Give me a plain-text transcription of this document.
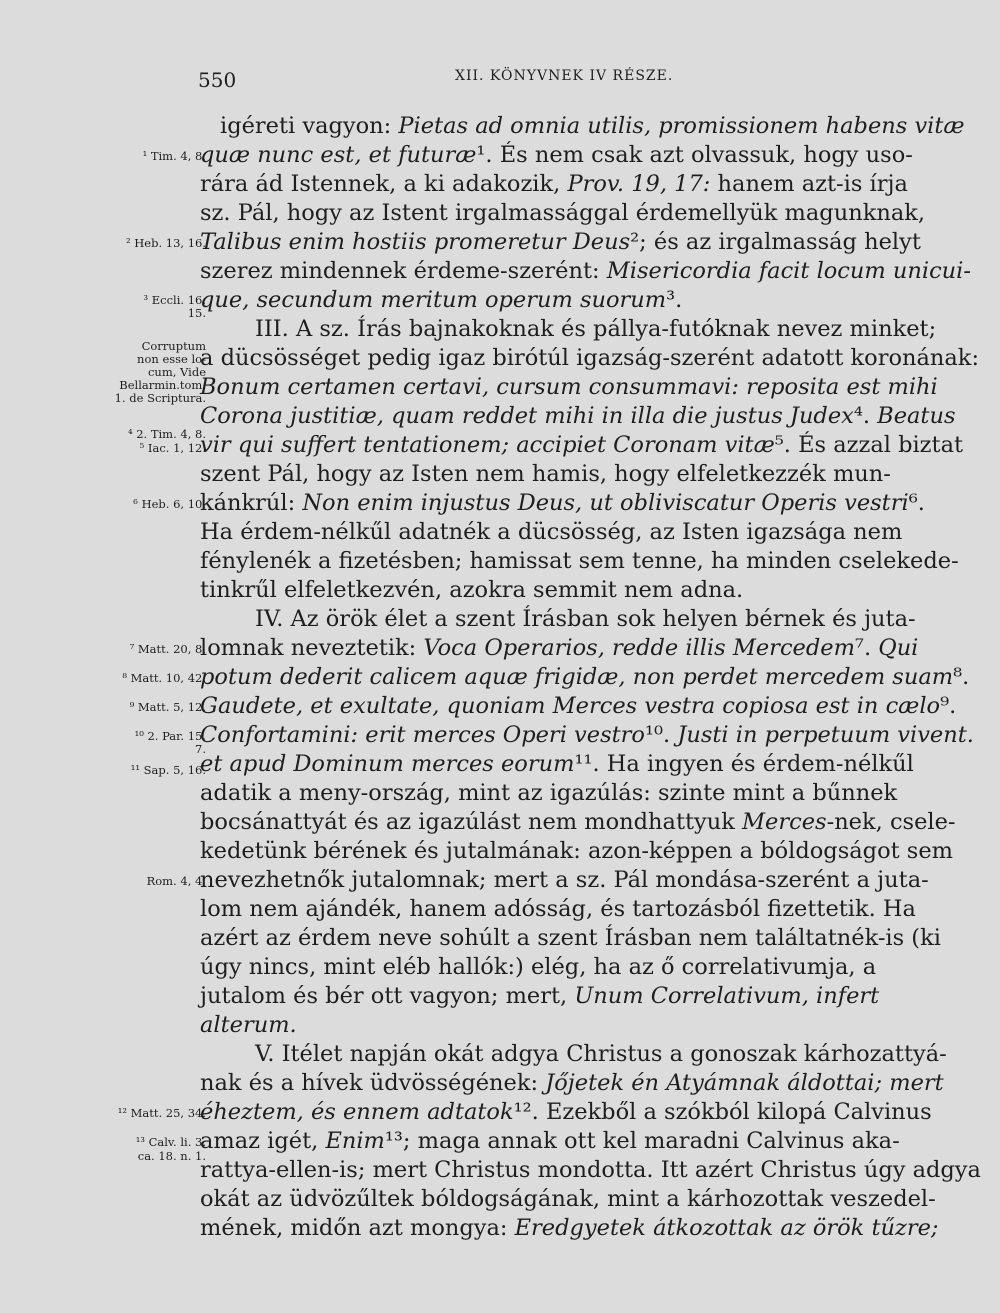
550	XII. KÖNYVNEK IV RÉSZE.
igéreti vagyon: Pietas ad omnia utilis, promissionem habens vitæ
quæ nunc est, et futuræ¹. És nem csak azt olvassuk, hogy uso-
rára ád Istennek, a ki adakozik, Prov. 19, 17: hanem azt-is írja
sz. Pál, hogy az Istent irgalmassággal érdemellyük magunknak,
Talibus enim hostiis promeretur Deus²; és az irgalmasság helyt
szerez mindennek érdeme-szerént: Misericordia facit locum unicui-
que, secundum meritum operum suorum³.
III. A sz. Írás bajnakoknak és pállya-futóknak nevez minket;
a dücsösséget pedig igaz birótúl igazság-szerént adatott koronának:
Bonum certamen certavi, cursum consummavi: reposita est mihi
Corona justitiæ, quam reddet mihi in illa die justus Judex⁴. Beatus
vir qui suffert tentationem; accipiet Coronam vitæ⁵. És azzal biztat
szent Pál, hogy az Isten nem hamis, hogy elfeletkezzék mun-
kánkrúl: Non enim injustus Deus, ut obliviscatur Operis vestri⁶.
Ha érdem-nélkűl adatnék a dücsösség, az Isten igazsága nem
fénylenék a fizetésben; hamissat sem tenne, ha minden cselekede-
tinkrűl elfeletkezvén, azokra semmit nem adna.
IV. Az örök élet a szent Írásban sok helyen bérnek és juta-
lomnak neveztetik: Voca Operarios, redde illis Mercedem⁷. Qui
potum dederit calicem aquæ frigidæ, non perdet mercedem suam⁸.
Gaudete, et exultate, quoniam Merces vestra copiosa est in cælo⁹.
Confortamini: erit merces Operi vestro¹⁰. Justi in perpetuum vivent.
et apud Dominum merces eorum¹¹. Ha ingyen és érdem-nélkűl
adatik a meny-ország, mint az igazúlás: szinte mint a bűnnek
bocsánattyát és az igazúlást nem mondhattyuk Merces-nek, csele-
kedetünk bérének és jutalmának: azon-képpen a bóldogságot sem
nevezhetnők jutalomnak; mert a sz. Pál mondása-szerént a juta-
lom nem ajándék, hanem adósság, és tartozásból fizettetik. Ha
azért az érdem neve sohúlt a szent Írásban nem találtatnék-is (ki
úgy nincs, mint eléb hallók:) elég, ha az ő correlativumja, a
jutalom és bér ott vagyon; mert, Unum Correlativum, infert
alterum.
V. Itélet napján okát adgya Christus a gonoszak kárhozattyá-
nak és a hívek üdvösségének: Jőjetek én Atyámnak áldottai; mert
éheztem, és ennem adtatok¹². Ezekből a szókból kilopá Calvinus
amaz igét, Enim¹³; maga annak ott kel maradni Calvinus aka-
rattya-ellen-is; mert Christus mondotta. Itt azért Christus úgy adgya
okát az üdvözűltek bóldogságának, mint a kárhozottak veszedel-
mének, midőn azt mongya: Eredgyetek átkozottak az örök tűzre;
¹ Tim. 4, 8.
² Heb. 13, 16.
³ Eccli. 16,
15.
Corruptum
non esse lo-
cum, Vide
Bellarmin.tom.
1. de Scriptura.
⁴ 2. Tim. 4, 8.
⁵ Iac. 1, 12.
⁶ Heb. 6, 10.
⁷ Matt. 20, 8.
⁸ Matt. 10, 42.
⁹ Matt. 5, 12.
¹⁰ 2. Par. 15,
7.
¹¹ Sap. 5, 16.
Rom. 4, 4.
¹² Matt. 25, 34.
¹³ Calv. li. 3.
ca. 18. n. 1.
